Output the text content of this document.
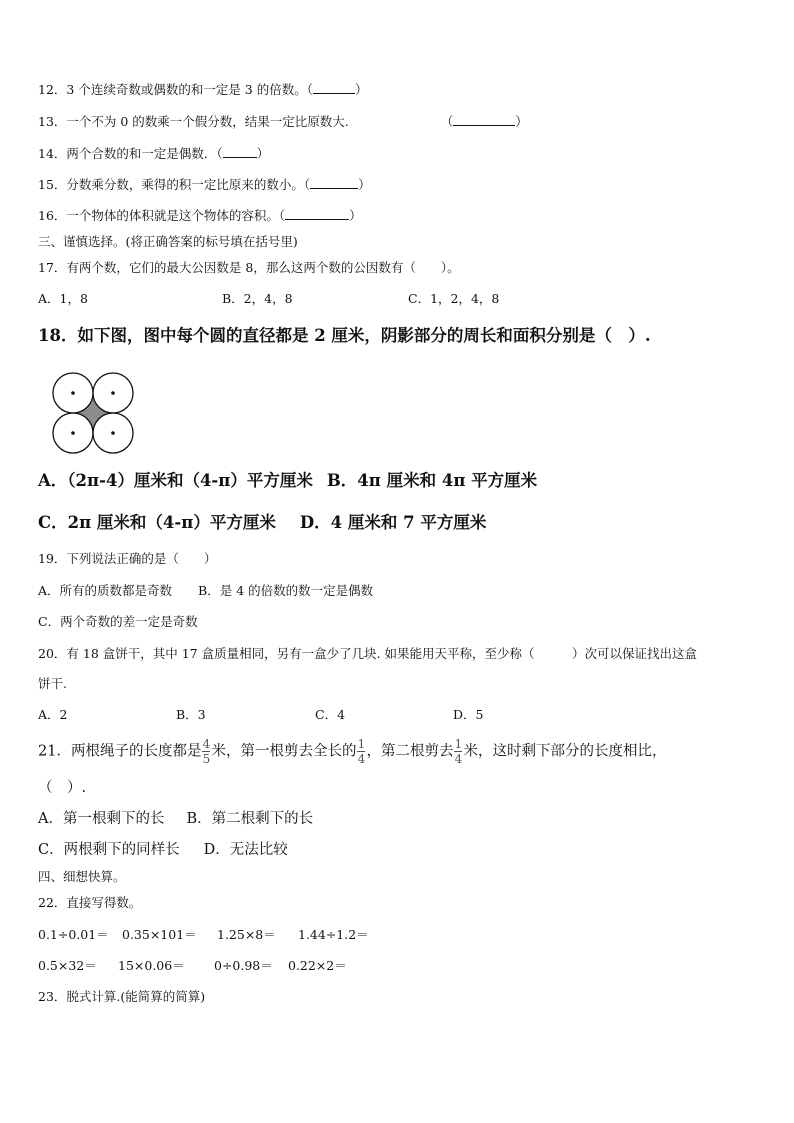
12．3 个连续奇数或偶数的和一定是 3 的倍数。（	）
13．一个不为 0 的数乘一个假分数，结果一定比原数大.	（	）
14．两个合数的和一定是偶数．（	）
15．分数乘分数，乘得的积一定比原来的数小。（	）
16．一个物体的体积就是这个物体的容积。（	）
三、谨慎选择。(将正确答案的标号填在括号里)
17．有两个数，它们的最大公因数是 8，那么这两个数的公因数有（　　）。
A．1，8	B．2，4，8	C．1，2，4，8
18．如下图，图中每个圆的直径都是 2 厘米，阴影部分的周长和面积分别是（　）.
A．（2π-4）厘米和（4-π）平方厘米 B．4π 厘米和 4π 平方厘米
C．2π 厘米和（4-π）平方厘米 D．4 厘米和 7 平方厘米
19．下列说法正确的是（　　）
A．所有的质数都是奇数 B．是 4 的倍数的数一定是偶数
C．两个奇数的差一定是奇数
20．有 18 盒饼干，其中 17 盒质量相同，另有一盒少了几块. 如果能用天平称，至少称（　　　）次可以保证找出这盒
饼干.
A．2	B．3	C．4	D．5
21．两根绳子的长度都是 $\frac{4}{5}$ 米，第一根剪去全长的 $\frac{1}{4}$ ，第二根剪去 $\frac{1}{4}$ 米，这时剩下部分的长度相比，
（　）.
A．第一根剩下的长 B．第二根剩下的长
C．两根剩下的同样长 D．无法比较
四、细想快算。
22．直接写得数。
0.1÷0.01＝ 0.35×101＝ 1.25×8＝ 1.44÷1.2＝
0.5×32＝ 15×0.06＝ 0÷0.98＝ 0.22×2＝
23．脱式计算.(能简算的简算)
